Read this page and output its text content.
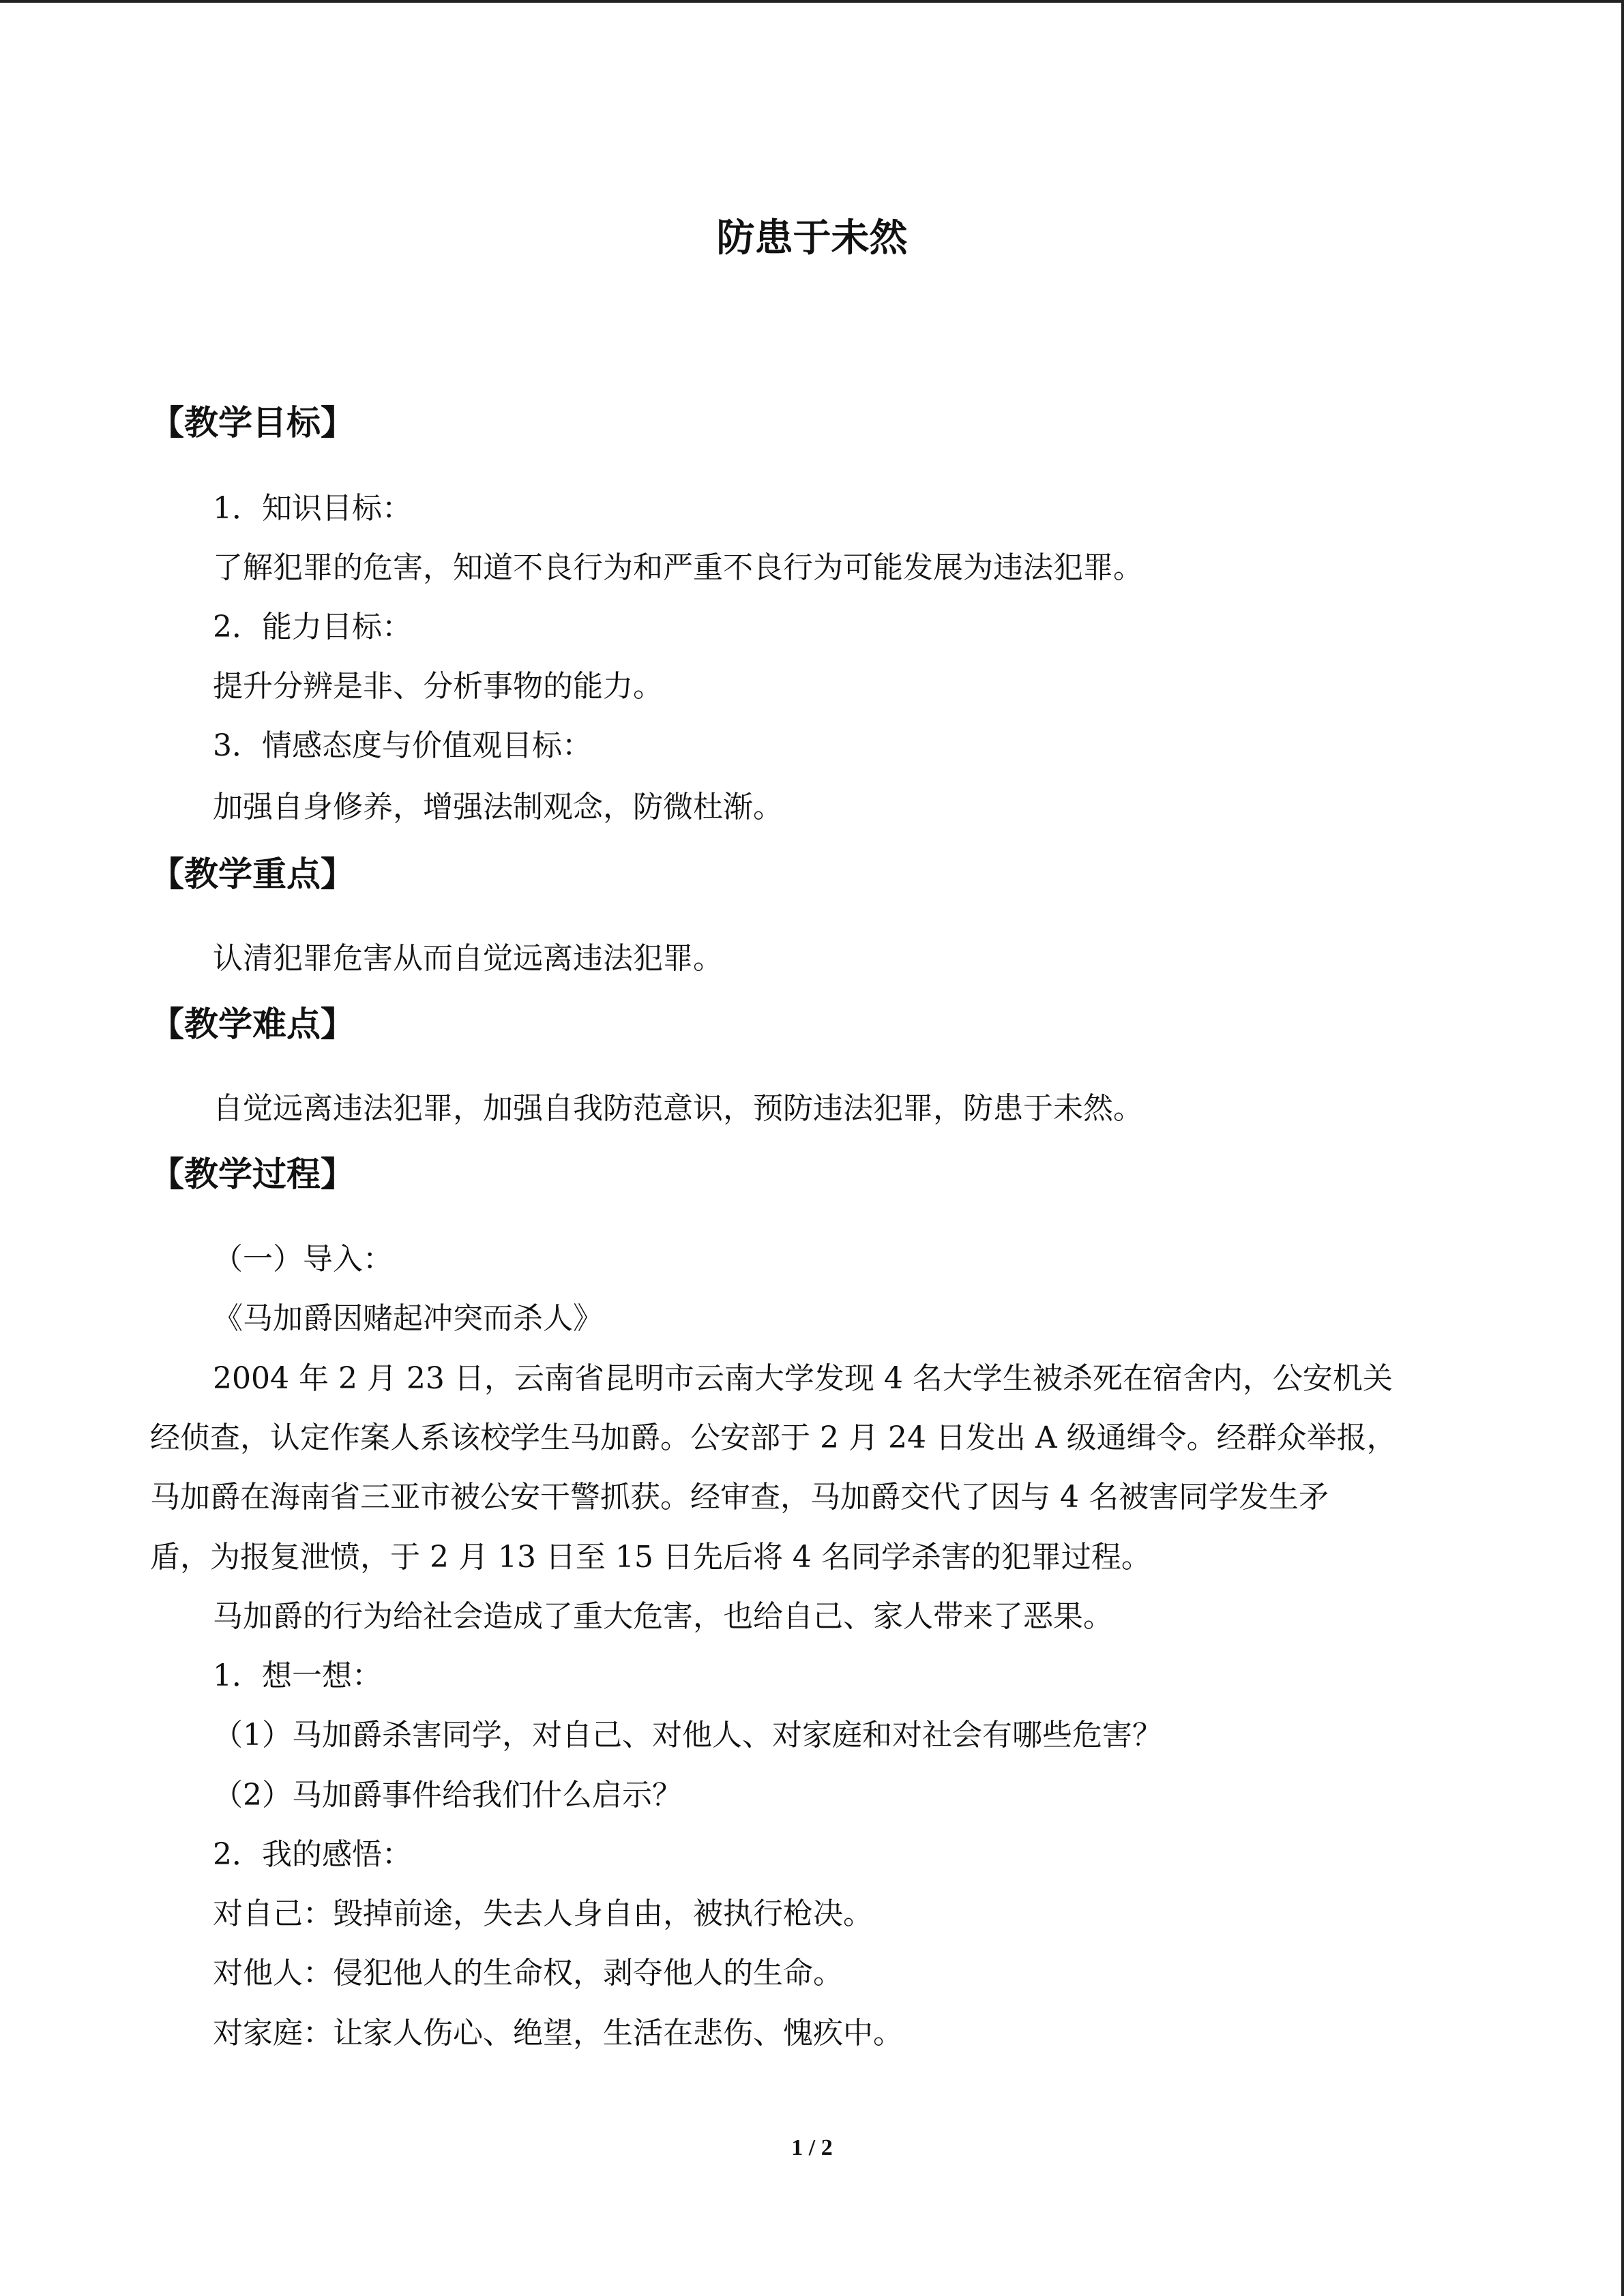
防患于未然
【教学目标】

1．知识目标：

了解犯罪的危害，知道不良行为和严重不良行为可能发展为违法犯罪。

2．能力目标：

提升分辨是非、分析事物的能力。

3．情感态度与价值观目标：

加强自身修养，增强法制观念，防微杜渐。

【教学重点】

认清犯罪危害从而自觉远离违法犯罪。

【教学难点】

自觉远离违法犯罪，加强自我防范意识，预防违法犯罪，防患于未然。

【教学过程】

（一）导入：

《马加爵因赌起冲突而杀人》

2004 年 2 月 23 日，云南省昆明市云南大学发现 4 名大学生被杀死在宿舍内，公安机关

经侦查，认定作案人系该校学生马加爵。公安部于 2 月 24 日发出 A 级通缉令。经群众举报，

马加爵在海南省三亚市被公安干警抓获。经审查，马加爵交代了因与 4 名被害同学发生矛

盾，为报复泄愤，于 2 月 13 日至 15 日先后将 4 名同学杀害的犯罪过程。

马加爵的行为给社会造成了重大危害，也给自己、家人带来了恶果。

1．想一想：

（1）马加爵杀害同学，对自己、对他人、对家庭和对社会有哪些危害？

（2）马加爵事件给我们什么启示？

2．我的感悟：

对自己：毁掉前途，失去人身自由，被执行枪决。

对他人：侵犯他人的生命权，剥夺他人的生命。

对家庭：让家人伤心、绝望，生活在悲伤、愧疚中。

1 / 2
